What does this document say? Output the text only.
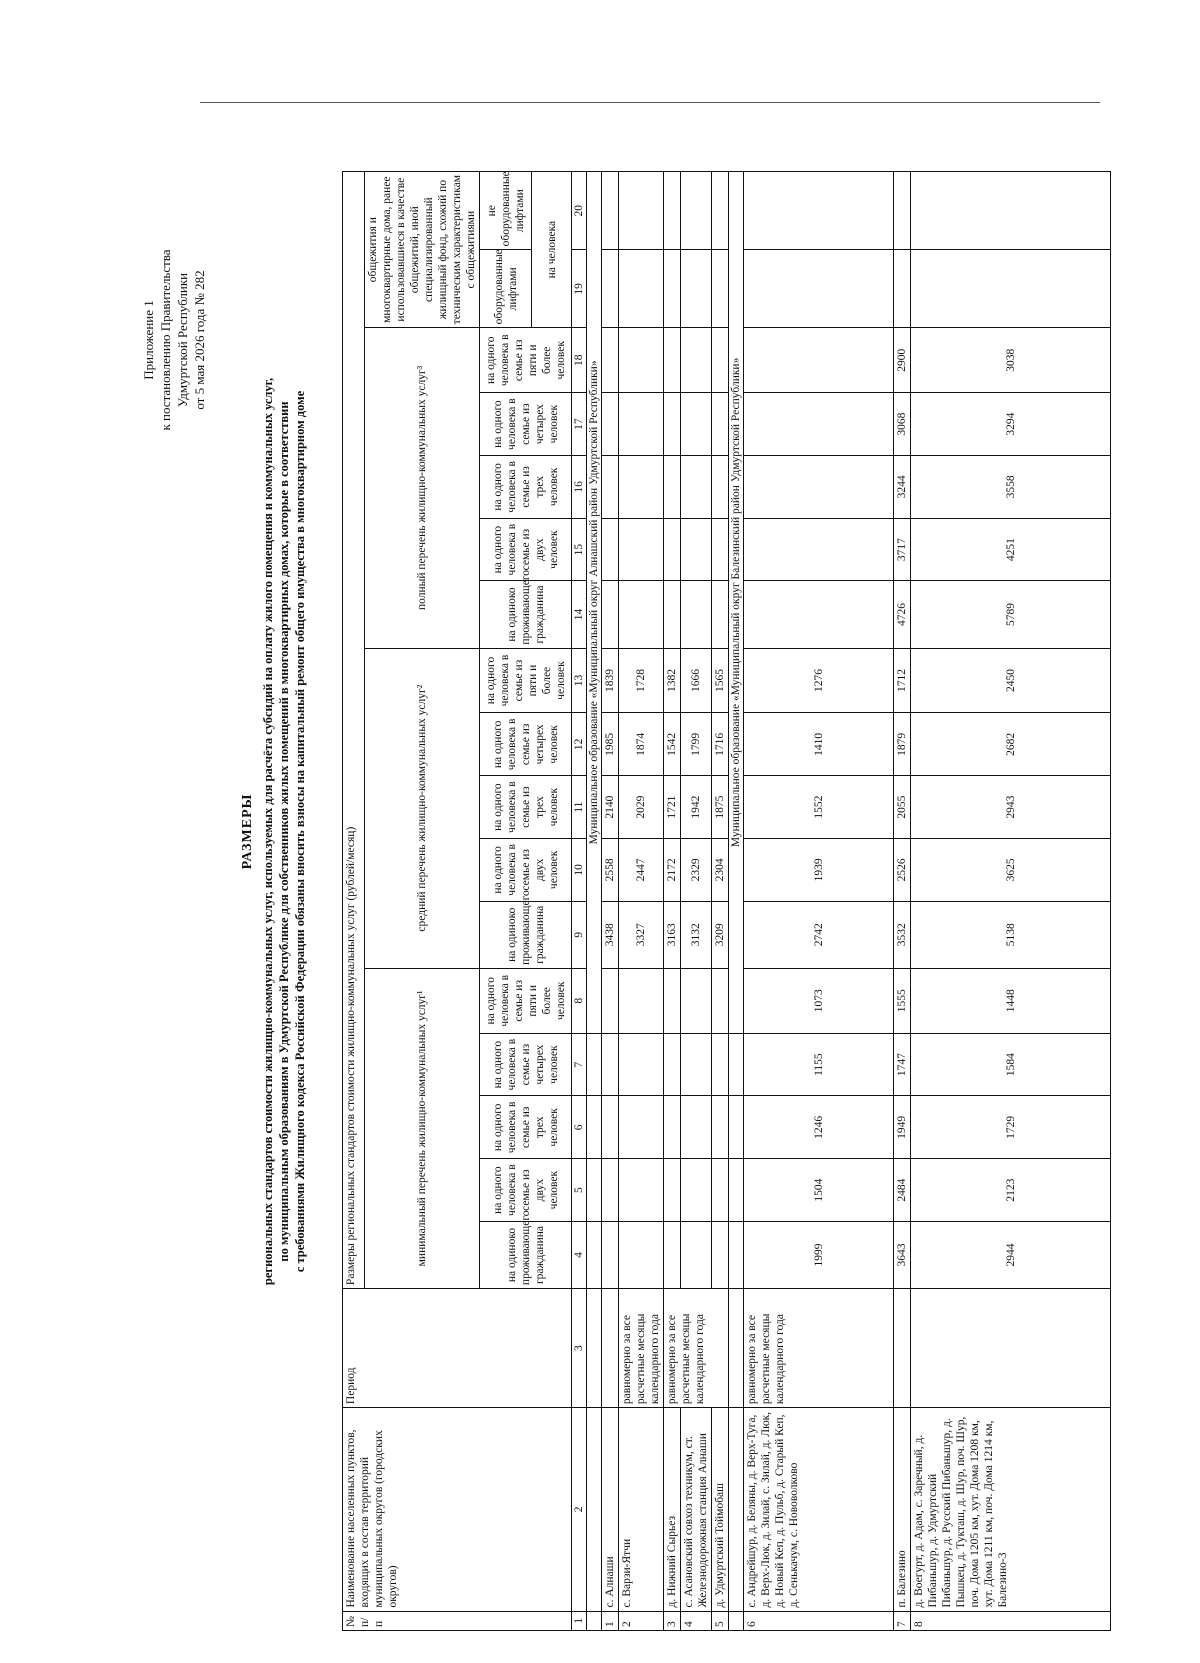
Приложение 1 к постановлению Правительства Удмуртской Республики от 5 мая 2026 года № 282
РАЗМЕРЫ региональных стандартов стоимости жилищно-коммунальных услуг, используемых для расчёта субсидий на оплату жилого помещения и коммунальных услуг, по муниципальным образованиям в Удмуртской Республике для собственников жилых помещений в многоквартирных домах, которые в соответствии с требованиями Жилищного кодекса Российской Федерации обязаны вносить взносы на капитальный ремонт общего имущества в многоквартирном доме
№ п/п	Наименование населенных пунктов, входящих в состав территорий муниципальных округов (городских округов)	Период	Размеры региональных стандартов стоимости жилищно-коммунальных услуг (рублей/месяц)																
			минимальный перечень жилищно-коммунальных услуг¹					средний перечень жилищно-коммунальных услуг²					полный перечень жилищно-коммунальных услуг³					общежития и многоквартирные дома, ранее использовавшиеся в качестве общежитий, иной специализированный жилищный фонд, схожий по техническим характеристикам с общежитиями	
			на одиноко проживающего гражданина	на одного человека в семье из двух человек	на одного человека в семье из трех человек	на одного человека в семье из четырех человек	на одного человека в семье из пяти и более человек	на одиноко проживающего гражданина	на одного человека в семье из двух человек	на одного человека в семье из трех человек	на одного человека в семье из четырех человек	на одного человека в семье из пяти и более человек	на одиноко проживающего гражданина	на одного человека в семье из двух человек	на одного человека в семье из трех человек	на одного человека в семье из четырех человек	на одного человека в семье из пяти и более человек	оборудованные лифтами	не оборудованные лифтами
																		на человека	
1	2	3	4	5	6	7	8	9	10	11	12	13	14	15	16	17	18	19	20
							Муниципальное образование «Муниципальный округ Алнашский район Удмуртской Республики»												
1	с. Алнаши							3438	2558	2140	1985	1839							
2	с. Варзи-Ятчи	равномерно за все расчетные месяцы календарного года						3327	2447	2029	1874	1728							
3	д. Нижний Сырьез	равномерно за все расчетные месяцы календарного года						3163	2172	1721	1542	1382							
4	с. Асановский совхоз техникум, ст. Железнодорожная станция Алнаши							3132	2329	1942	1799	1666							
5	д. Удмуртский Тоймобаш							3209	2304	1875	1716	1565							
							Муниципальное образование «Муниципальный округ Балезинский район Удмуртской Республики»												
6	с. Андрейшур, д. Беляны, д. Верх-Туга, д. Верх-Люк, д. Зилай, с. Зилай, д. Люк, д. Новый Кеп, д. Пульб, д. Старый Кеп, д. Сенькачум, с. Нововолково	равномерно за все расчетные месяцы календарного года	1999	1504	1246	1155	1073	2742	1939	1552	1410	1276							
7	п. Балезино		3643	2484	1949	1747	1555	3532	2526	2055	1879	1712	4726	3717	3244	3068	2900		
8	д. Воегурт, д. Адам, с. Заречный, д. Пибаньшур, д. Удмуртский Пибаньшур, д. Русский Пибаньшур, д. Пышкец, д. Тукташ, д. Шур, поч. Шур, поч. Дома 1205 км, хут. Дома 1208 км, хут. Дома 1211 км, поч. Дома 1214 км, Балезино-3		2944	2123	1729	1584	1448	5138	3625	2943	2682	2450	5789	4251	3558	3294	3038		
